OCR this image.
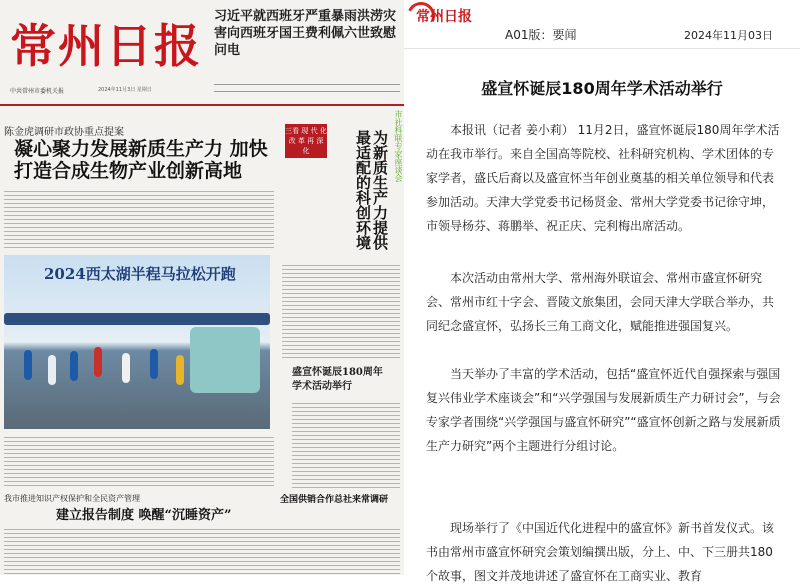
常州日报
中共常州市委机关报	2024年11月3日 星期日
习近平就西班牙严重暴雨洪涝灾害向西班牙国王费利佩六世致慰问电
陈金虎调研市政协重点提案
凝心聚力发展新质生产力 加快打造合成生物产业创新高地
三看 现 代 化 改 革 再 深 化	为新质生产力提供最适配的科创环境	市社科联专家座谈会
2024西太湖半程马拉松开跑
盛宣怀诞辰180周年学术活动举行
我市推进知识产权保护和全民资产管理
建立报告制度 唤醒“沉睡资产”
全国供销合作总社来常调研
常州日报
A01版：要闻	2024年11月03日
盛宣怀诞辰180周年学术活动举行
本报讯（记者 姜小莉） 11月2日，盛宣怀诞辰180周年学术活动在我市举行。来自全国高等院校、社科研究机构、学术团体的专家学者，盛氏后裔以及盛宣怀当年创业奠基的相关单位领导和代表参加活动。天津大学党委书记杨贤金、常州大学党委书记徐守坤，市领导杨芬、蒋鹏举、祝正庆、完利梅出席活动。
本次活动由常州大学、常州海外联谊会、常州市盛宣怀研究会、常州市红十字会、晋陵文旅集团，会同天津大学联合举办，共同纪念盛宣怀，弘扬长三角工商文化，赋能推进强国复兴。
当天举办了丰富的学术活动，包括“盛宣怀近代自强探索与强国复兴伟业学术座谈会”和“兴学强国与发展新质生产力研讨会”，与会专家学者围绕“兴学强国与盛宣怀研究”“盛宣怀创新之路与发展新质生产力研究”两个主题进行分组讨论。
现场举行了《中国近代化进程中的盛宣怀》新书首发仪式。该书由常州市盛宣怀研究会策划编撰出版，分上、中、下三册共180个故事，图文并茂地讲述了盛宣怀在工商实业、教育
